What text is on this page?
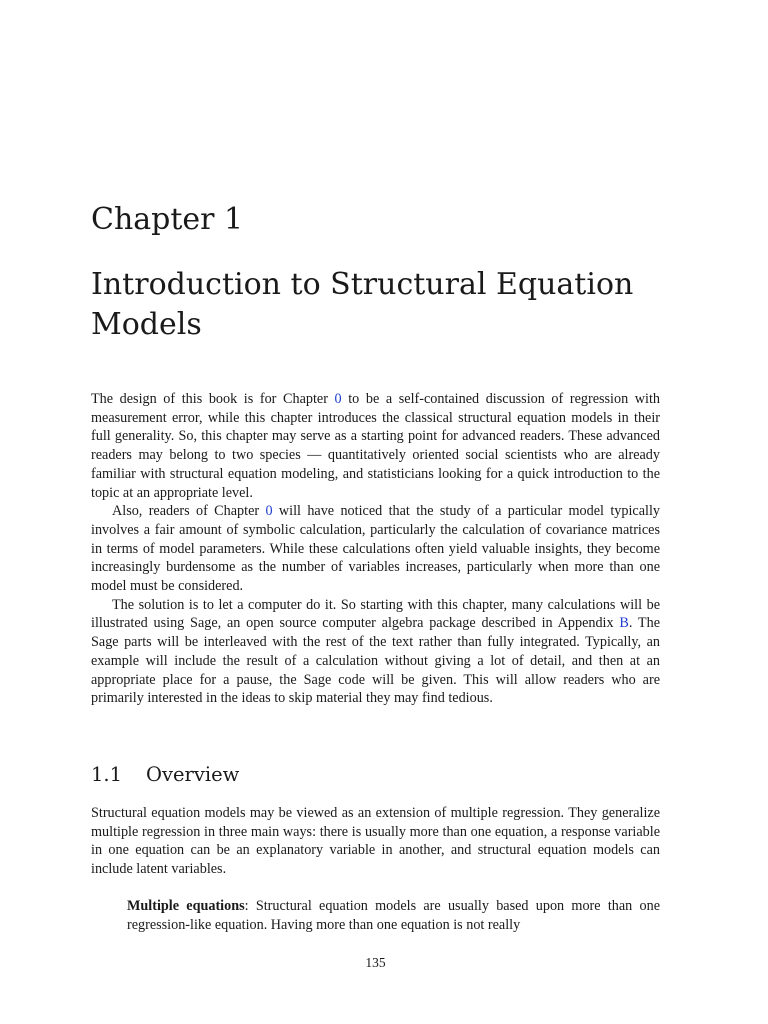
Chapter 1
Introduction to Structural Equation Models

The design of this book is for Chapter 0 to be a self-contained discussion of regression with measurement error, while this chapter introduces the classical structural equation models in their full generality. So, this chapter may serve as a starting point for advanced readers. These advanced readers may belong to two species — quantitatively oriented social scientists who are already familiar with structural equation modeling, and statisticians looking for a quick introduction to the topic at an appropriate level.

Also, readers of Chapter 0 will have noticed that the study of a particular model typically involves a fair amount of symbolic calculation, particularly the calculation of covariance matrices in terms of model parameters. While these calculations often yield valuable insights, they become increasingly burdensome as the number of variables increases, particularly when more than one model must be considered.

The solution is to let a computer do it. So starting with this chapter, many calculations will be illustrated using Sage, an open source computer algebra package described in Appendix B. The Sage parts will be interleaved with the rest of the text rather than fully integrated. Typically, an example will include the result of a calculation without giving a lot of detail, and then at an appropriate place for a pause, the Sage code will be given. This will allow readers who are primarily interested in the ideas to skip material they may find tedious.

1.1 Overview

Structural equation models may be viewed as an extension of multiple regression. They generalize multiple regression in three main ways: there is usually more than one equation, a response variable in one equation can be an explanatory variable in another, and structural equation models can include latent variables.

Multiple equations: Structural equation models are usually based upon more than one regression-like equation. Having more than one equation is not really

135
